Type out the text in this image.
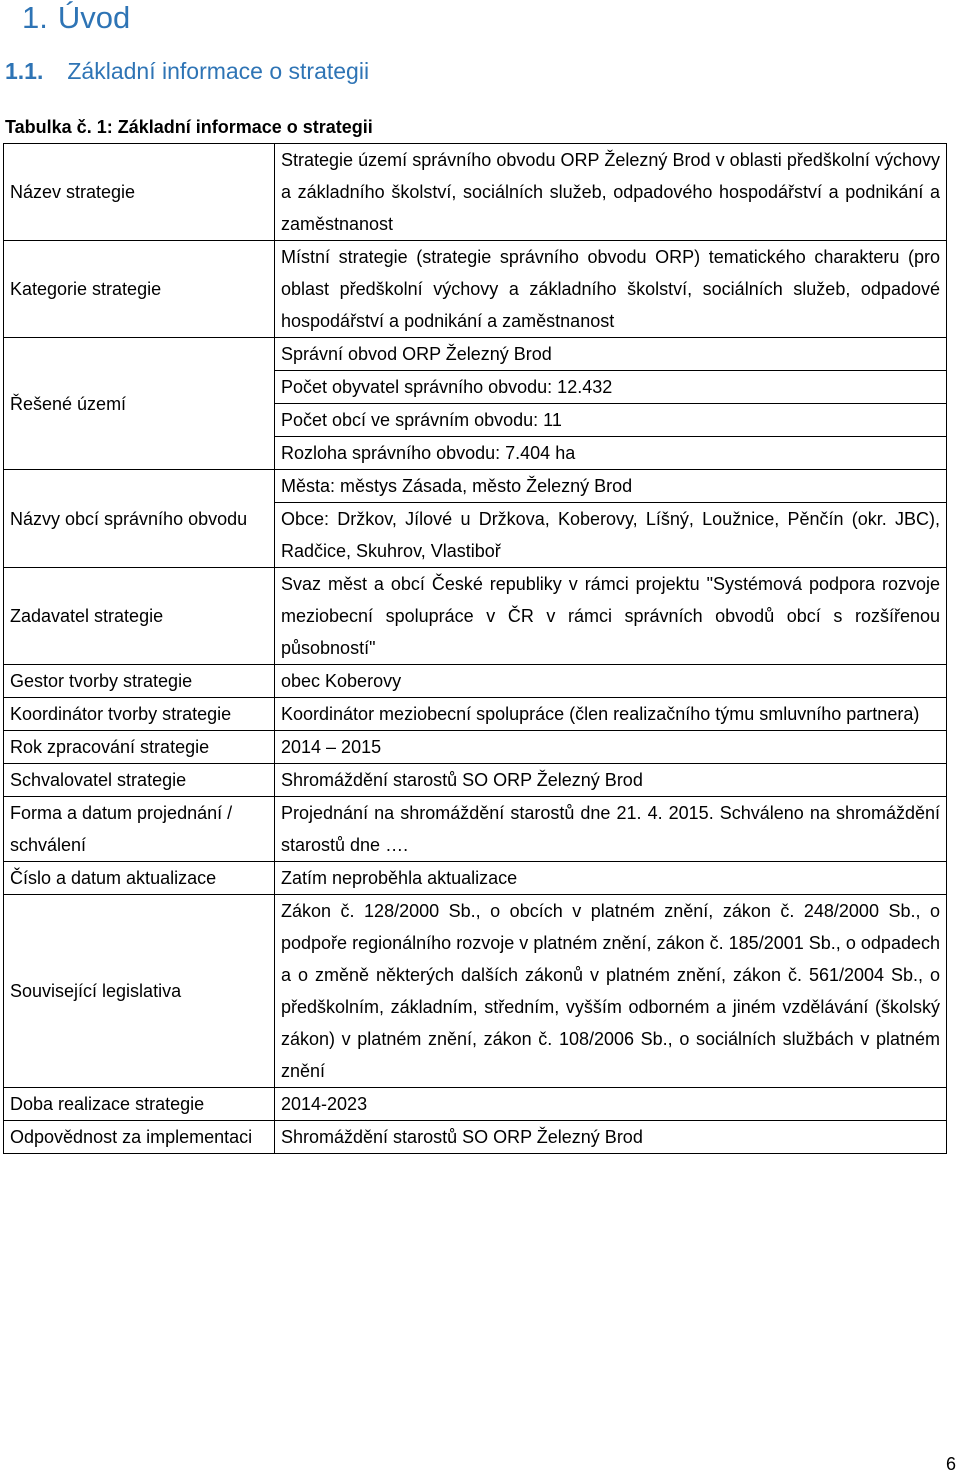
1. Úvod
1.1. Základní informace o strategii
Tabulka č. 1: Základní informace o strategii
Název strategie	Strategie území správního obvodu ORP Železný Brod v oblasti předškolní výchovy a základního školství, sociálních služeb, odpadového hospodářství a podnikání a zaměstnanost
Kategorie strategie	Místní strategie (strategie správního obvodu ORP) tematického charakteru (pro oblast předškolní výchovy a základního školství, sociálních služeb, odpadové hospodářství a podnikání a zaměstnanost
Řešené území	Správní obvod ORP Železný Brod
	Počet obyvatel správního obvodu: 12.432
	Počet obcí ve správním obvodu: 11
	Rozloha správního obvodu: 7.404 ha
Názvy obcí správního obvodu	Města: městys Zásada, město Železný Brod
	Obce: Držkov, Jílové u Držkova, Koberovy, Líšný, Loužnice, Pěnčín (okr. JBC), Radčice, Skuhrov, Vlastiboř
Zadavatel strategie	Svaz měst a obcí České republiky v rámci projektu "Systémová podpora rozvoje meziobecní spolupráce v ČR v rámci správních obvodů obcí s rozšířenou působností"
Gestor tvorby strategie	obec Koberovy
Koordinátor tvorby strategie	Koordinátor meziobecní spolupráce (člen realizačního týmu smluvního partnera)
Rok zpracování strategie	2014 – 2015
Schvalovatel strategie	Shromáždění starostů SO ORP Železný Brod
Forma a datum projednání / schválení	Projednání na shromáždění starostů dne 21. 4. 2015. Schváleno na shromáždění starostů dne ….
Číslo a datum aktualizace	Zatím neproběhla aktualizace
Související legislativa	Zákon č. 128/2000 Sb., o obcích v platném znění, zákon č. 248/2000 Sb., o podpoře regionálního rozvoje v platném znění, zákon č. 185/2001 Sb., o odpadech a o změně některých dalších zákonů v platném znění, zákon č. 561/2004 Sb., o předškolním, základním, středním, vyšším odborném a jiném vzdělávání (školský zákon) v platném znění, zákon č. 108/2006 Sb., o sociálních službách v platném znění
Doba realizace strategie	2014-2023
Odpovědnost za implementaci	Shromáždění starostů SO ORP Železný Brod
6
